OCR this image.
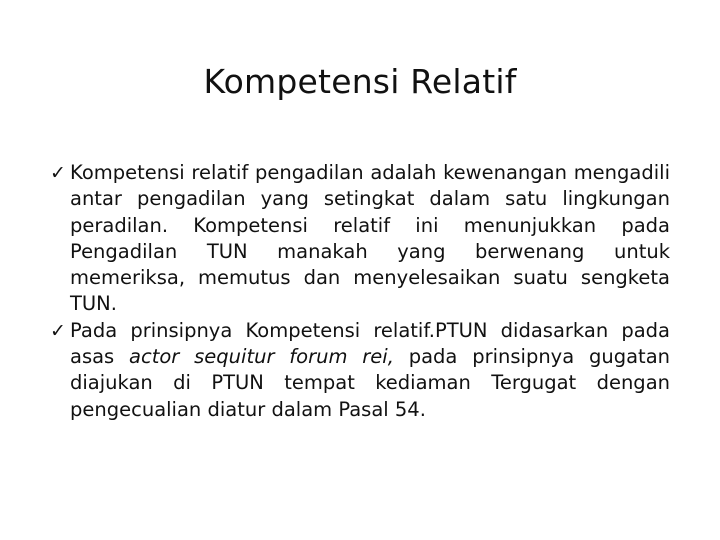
Kompetensi Relatif
✓ Kompetensi relatif pengadilan adalah kewenangan mengadili antar pengadilan yang setingkat dalam satu lingkungan peradilan. Kompetensi relatif ini menunjukkan pada Pengadilan TUN manakah yang berwenang untuk memeriksa, memutus dan menyelesaikan suatu sengketa TUN.
✓ Pada prinsipnya Kompetensi relatif.PTUN didasarkan pada asas actor sequitur forum rei, pada prinsipnya gugatan diajukan di PTUN tempat kediaman Tergugat dengan pengecualian diatur dalam Pasal 54.
